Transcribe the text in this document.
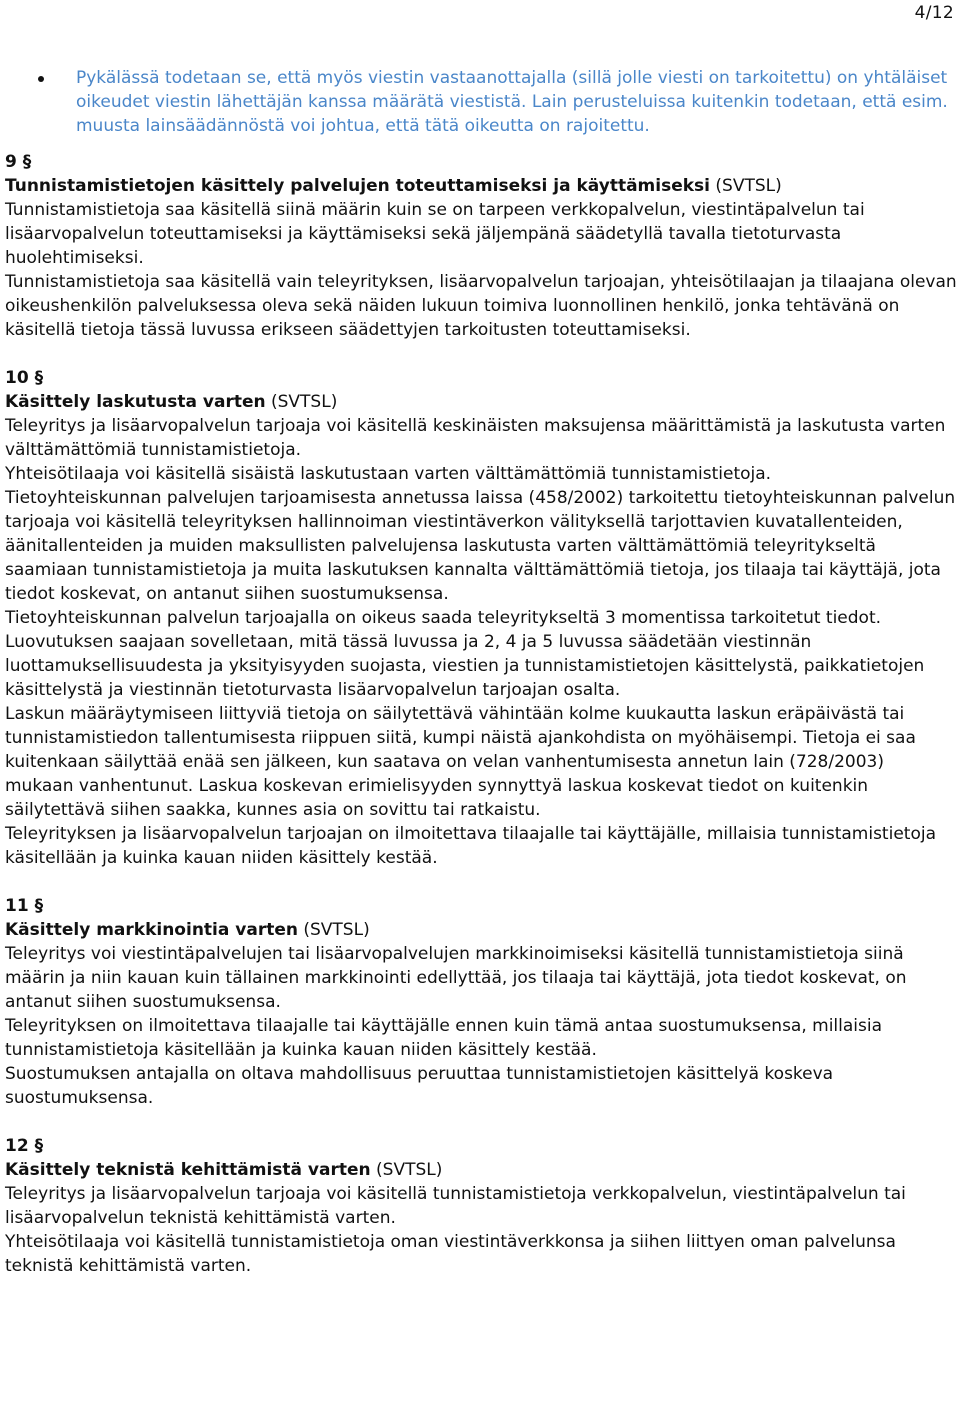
4/12
Pykälässä todetaan se, että myös viestin vastaanottajalla (sillä jolle viesti on tarkoitettu) on yhtäläiset oikeudet viestin lähettäjän kanssa määrätä viestistä. Lain perusteluissa kuitenkin todetaan, että esim. muusta lainsäädännöstä voi johtua, että tätä oikeutta on rajoitettu.
9 §
Tunnistamistietojen käsittely palvelujen toteuttamiseksi ja käyttämiseksi (SVTSL)
Tunnistamistietoja saa käsitellä siinä määrin kuin se on tarpeen verkkopalvelun, viestintäpalvelun tai lisäarvopalvelun toteuttamiseksi ja käyttämiseksi sekä jäljempänä säädetyllä tavalla tietoturvasta huolehtimiseksi.
Tunnistamistietoja saa käsitellä vain teleyrityksen, lisäarvopalvelun tarjoajan, yhteisötilaajan ja tilaajana olevan oikeushenkilön palveluksessa oleva sekä näiden lukuun toimiva luonnollinen henkilö, jonka tehtävänä on käsitellä tietoja tässä luvussa erikseen säädettyjen tarkoitusten toteuttamiseksi.
10 §
Käsittely laskutusta varten (SVTSL)
Teleyritys ja lisäarvopalvelun tarjoaja voi käsitellä keskinäisten maksujensa määrittämistä ja laskutusta varten välttämättömiä tunnistamistietoja.
Yhteisötilaaja voi käsitellä sisäistä laskutustaan varten välttämättömiä tunnistamistietoja.
Tietoyhteiskunnan palvelujen tarjoamisesta annetussa laissa (458/2002) tarkoitettu tietoyhteiskunnan palvelun tarjoaja voi käsitellä teleyrityksen hallinnoiman viestintäverkon välityksellä tarjottavien kuvatallenteiden, äänitallenteiden ja muiden maksullisten palvelujensa laskutusta varten välttämättömiä teleyritykseltä saamiaan tunnistamistietoja ja muita laskutuksen kannalta välttämättömiä tietoja, jos tilaaja tai käyttäjä, jota tiedot koskevat, on antanut siihen suostumuksensa.
Tietoyhteiskunnan palvelun tarjoajalla on oikeus saada teleyritykseltä 3 momentissa tarkoitetut tiedot. Luovutuksen saajaan sovelletaan, mitä tässä luvussa ja 2, 4 ja 5 luvussa säädetään viestinnän luottamuksellisuudesta ja yksityisyyden suojasta, viestien ja tunnistamistietojen käsittelystä, paikkatietojen käsittelystä ja viestinnän tietoturvasta lisäarvopalvelun tarjoajan osalta.
Laskun määräytymiseen liittyviä tietoja on säilytettävä vähintään kolme kuukautta laskun eräpäivästä tai tunnistamistiedon tallentumisesta riippuen siitä, kumpi näistä ajankohdista on myöhäisempi. Tietoja ei saa kuitenkaan säilyttää enää sen jälkeen, kun saatava on velan vanhentumisesta annetun lain (728/2003) mukaan vanhentunut. Laskua koskevan erimielisyyden synnyttyä laskua koskevat tiedot on kuitenkin säilytettävä siihen saakka, kunnes asia on sovittu tai ratkaistu.
Teleyrityksen ja lisäarvopalvelun tarjoajan on ilmoitettava tilaajalle tai käyttäjälle, millaisia tunnistamistietoja käsitellään ja kuinka kauan niiden käsittely kestää.
11 §
Käsittely markkinointia varten (SVTSL)
Teleyritys voi viestintäpalvelujen tai lisäarvopalvelujen markkinoimiseksi käsitellä tunnistamistietoja siinä määrin ja niin kauan kuin tällainen markkinointi edellyttää, jos tilaaja tai käyttäjä, jota tiedot koskevat, on antanut siihen suostumuksensa.
Teleyrityksen on ilmoitettava tilaajalle tai käyttäjälle ennen kuin tämä antaa suostumuksensa, millaisia tunnistamistietoja käsitellään ja kuinka kauan niiden käsittely kestää.
Suostumuksen antajalla on oltava mahdollisuus peruuttaa tunnistamistietojen käsittelyä koskeva suostumuksensa.
12 §
Käsittely teknistä kehittämistä varten (SVTSL)
Teleyritys ja lisäarvopalvelun tarjoaja voi käsitellä tunnistamistietoja verkkopalvelun, viestintäpalvelun tai lisäarvopalvelun teknistä kehittämistä varten.
Yhteisötilaaja voi käsitellä tunnistamistietoja oman viestintäverkkonsa ja siihen liittyen oman palvelunsa teknistä kehittämistä varten.
